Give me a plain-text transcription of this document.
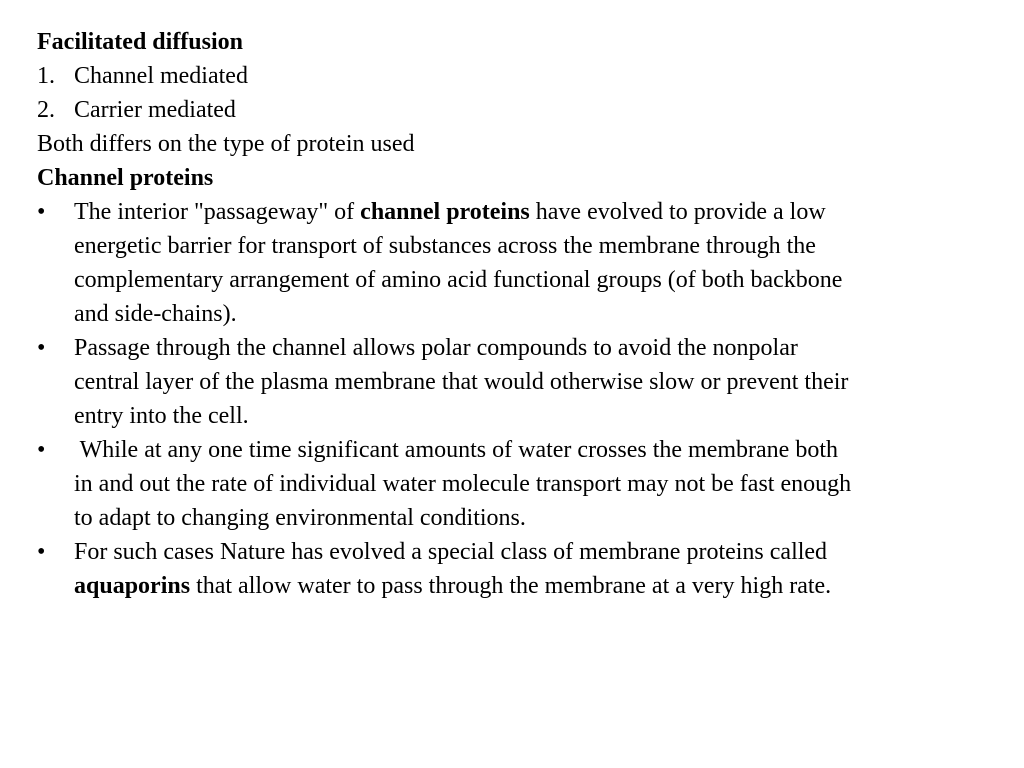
Facilitated diffusion
1. Channel mediated
2. Carrier mediated
Both differs on the type of protein used
Channel proteins
•	The interior "passageway" of channel proteins have evolved to provide a low
energetic barrier for transport of substances across the membrane through the
complementary arrangement of amino acid functional groups (of both backbone
and side-chains).
•	Passage through the channel allows polar compounds to avoid the nonpolar
central layer of the plasma membrane that would otherwise slow or prevent their
entry into the cell.
•	While at any one time significant amounts of water crosses the membrane both
in and out the rate of individual water molecule transport may not be fast enough
to adapt to changing environmental conditions.
•	For such cases Nature has evolved a special class of membrane proteins called
aquaporins that allow water to pass through the membrane at a very high rate.
